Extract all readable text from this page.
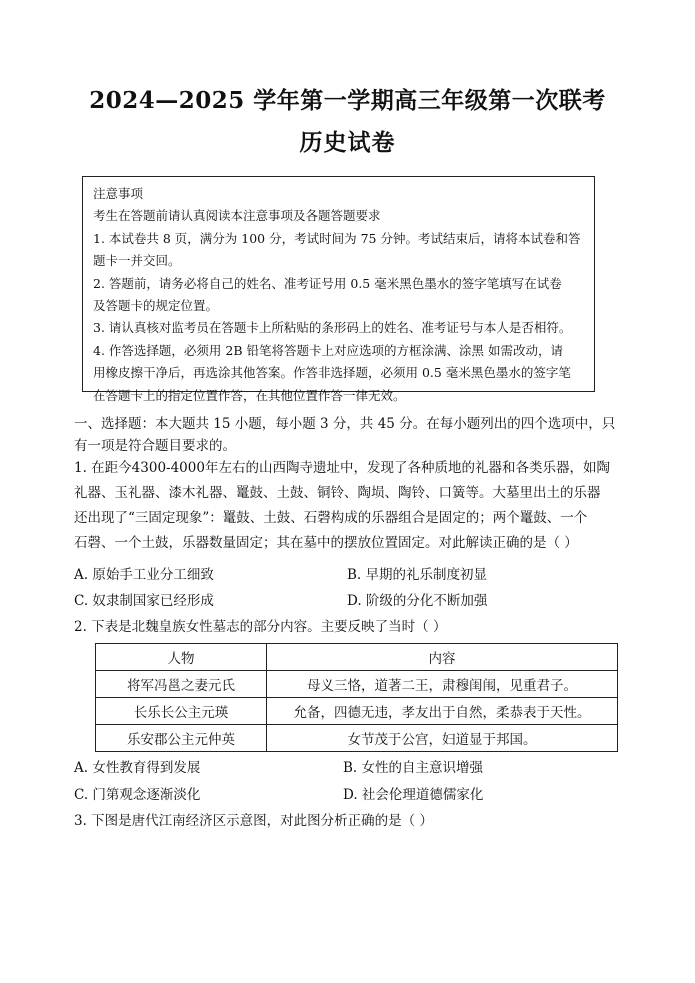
2024—2025 学年第一学期高三年级第一次联考
历史试卷
注意事项
考生在答题前请认真阅读本注意事项及各题答题要求
1. 本试卷共 8 页，满分为 100 分，考试时间为 75 分钟。考试结束后，请将本试卷和答
题卡一并交回。
2. 答题前，请务必将自己的姓名、准考证号用 0.5 毫米黑色墨水的签字笔填写在试卷
及答题卡的规定位置。
3. 请认真核对监考员在答题卡上所粘贴的条形码上的姓名、准考证号与本人是否相符。
4. 作答选择题，必须用 2B 铅笔将答题卡上对应选项的方框涂满、涂黑 如需改动，请
用橡皮擦干净后，再选涂其他答案。作答非选择题，必须用 0.5 毫米黑色墨水的签字笔
在答题卡上的指定位置作答，在其他位置作答一律无效。
一、选择题：本大题共 15 小题，每小题 3 分，共 45 分。在每小题列出的四个选项中，只
有一项是符合题目要求的。
1. 在距今4300-4000年左右的山西陶寺遗址中，发现了各种质地的礼器和各类乐器，如陶
礼器、玉礼器、漆木礼器、鼍鼓、土鼓、铜铃、陶埙、陶铃、口簧等。大墓里出土的乐器
还出现了“三固定现象”：鼍鼓、土鼓、石磬构成的乐器组合是固定的；两个鼍鼓、一个
石磬、一个土鼓，乐器数量固定；其在墓中的摆放位置固定。对此解读正确的是（ ）
A. 原始手工业分工细致	B. 早期的礼乐制度初显
C. 奴隶制国家已经形成	D. 阶级的分化不断加强
2. 下表是北魏皇族女性墓志的部分内容。主要反映了当时（ ）
人物	内容
将军冯邕之妻元氏	母义三恪，道著二王，肃穆闺闱，见重君子。
长乐长公主元瑛	允备，四德无违，孝友出于自然，柔恭表于天性。
乐安郡公主元仲英	女节茂于公宫，妇道显于邦国。
A. 女性教育得到发展	B. 女性的自主意识增强
C. 门第观念逐渐淡化	D. 社会伦理道德儒家化
3. 下图是唐代江南经济区示意图，对此图分析正确的是（ ）
